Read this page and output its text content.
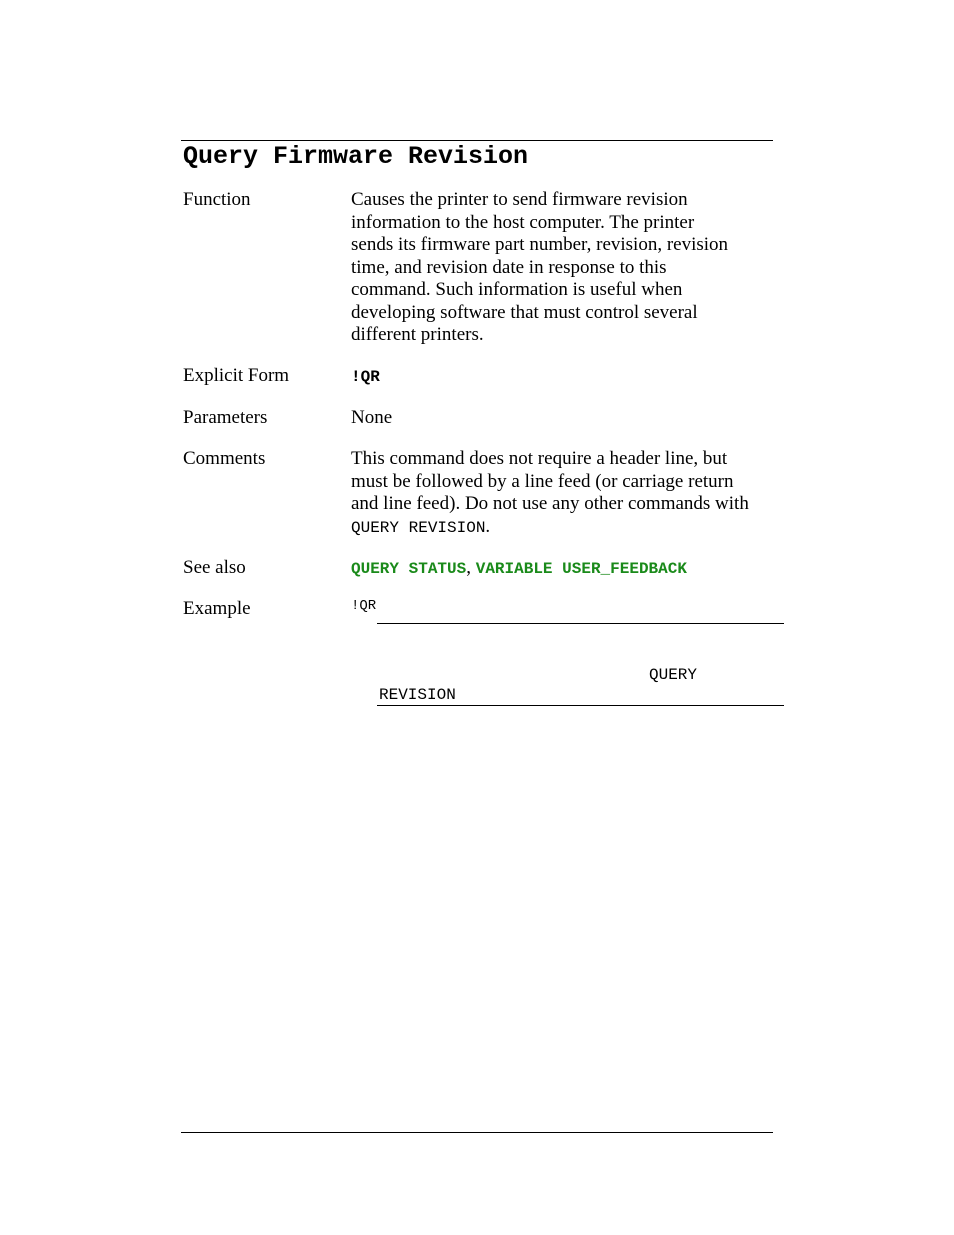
Query Firmware Revision
Function	Causes the printer to send firmware revision
information to the host computer. The printer
sends its firmware part number, revision, revision
time, and revision date in response to this
command. Such information is useful when
developing software that must control several
different printers.
Explicit Form	!QR
Parameters	None
Comments	This command does not require a header line, but
must be followed by a line feed (or carriage return
and line feed). Do not use any other commands with
QUERY REVISION.
See also	QUERY STATUS, VARIABLE USER_FEEDBACK
Example	!QR
QUERY
REVISION
